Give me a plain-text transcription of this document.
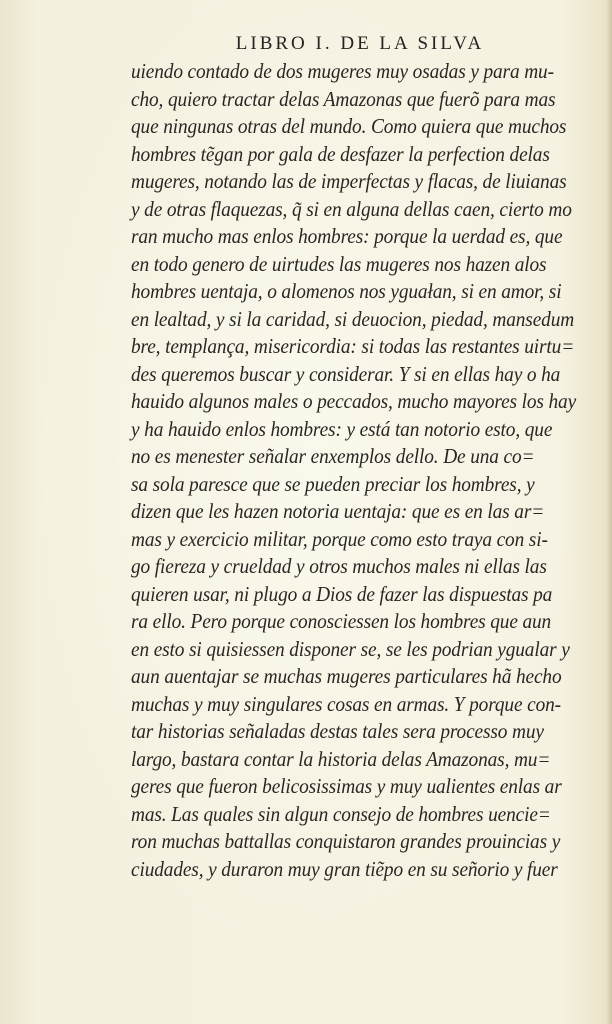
LIBRO I. DE LA SILVA
uiendo contado de dos mugeres muy osadas y para mu-
cho, quiero tractar delas Amazonas que fuerõ para mas
que ningunas otras del mundo. Como quiera que muchos
hombres tẽgan por gala de desfazer la perfection delas
mugeres, notando las de imperfectas y flacas, de liuianas
y de otras flaquezas, q̃ si en alguna dellas caen, cierto mo
ran mucho mas enlos hombres: porque la uerdad es, que
en todo genero de uirtudes las mugeres nos hazen alos
hombres uentaja, o alomenos nos yguałan, si en amor, si
en lealtad, y si la caridad, si deuocion, piedad, mansedum
bre, templança, misericordia: si todas las restantes uirtu=
des queremos buscar y considerar. Y si en ellas hay o ha
hauido algunos males o peccados, mucho mayores los hay
y ha hauido enlos hombres: y está tan notorio esto, que
no es menester señalar enxemplos dello. De una co=
sa sola paresce que se pueden preciar los hombres, y
dizen que les hazen notoria uentaja: que es en las ar=
mas y exercicio militar, porque como esto traya con si-
go fiereza y crueldad y otros muchos males ni ellas las
quieren usar, ni plugo a Dios de fazer las dispuestas pa
ra ello. Pero porque conosciessen los hombres que aun
en esto si quisiessen disponer se, se les podrian ygualar y
aun auentajar se muchas mugeres particulares hã hecho
muchas y muy singulares cosas en armas. Y porque con-
tar historias señaladas destas tales sera processo muy
largo, bastara contar la historia delas Amazonas, mu=
geres que fueron belicosissimas y muy ualientes enlas ar
mas. Las quales sin algun consejo de hombres uencie=
ron muchas battallas conquistaron grandes prouincias y
ciudades, y duraron muy gran tiẽpo en su señorio y fuer
